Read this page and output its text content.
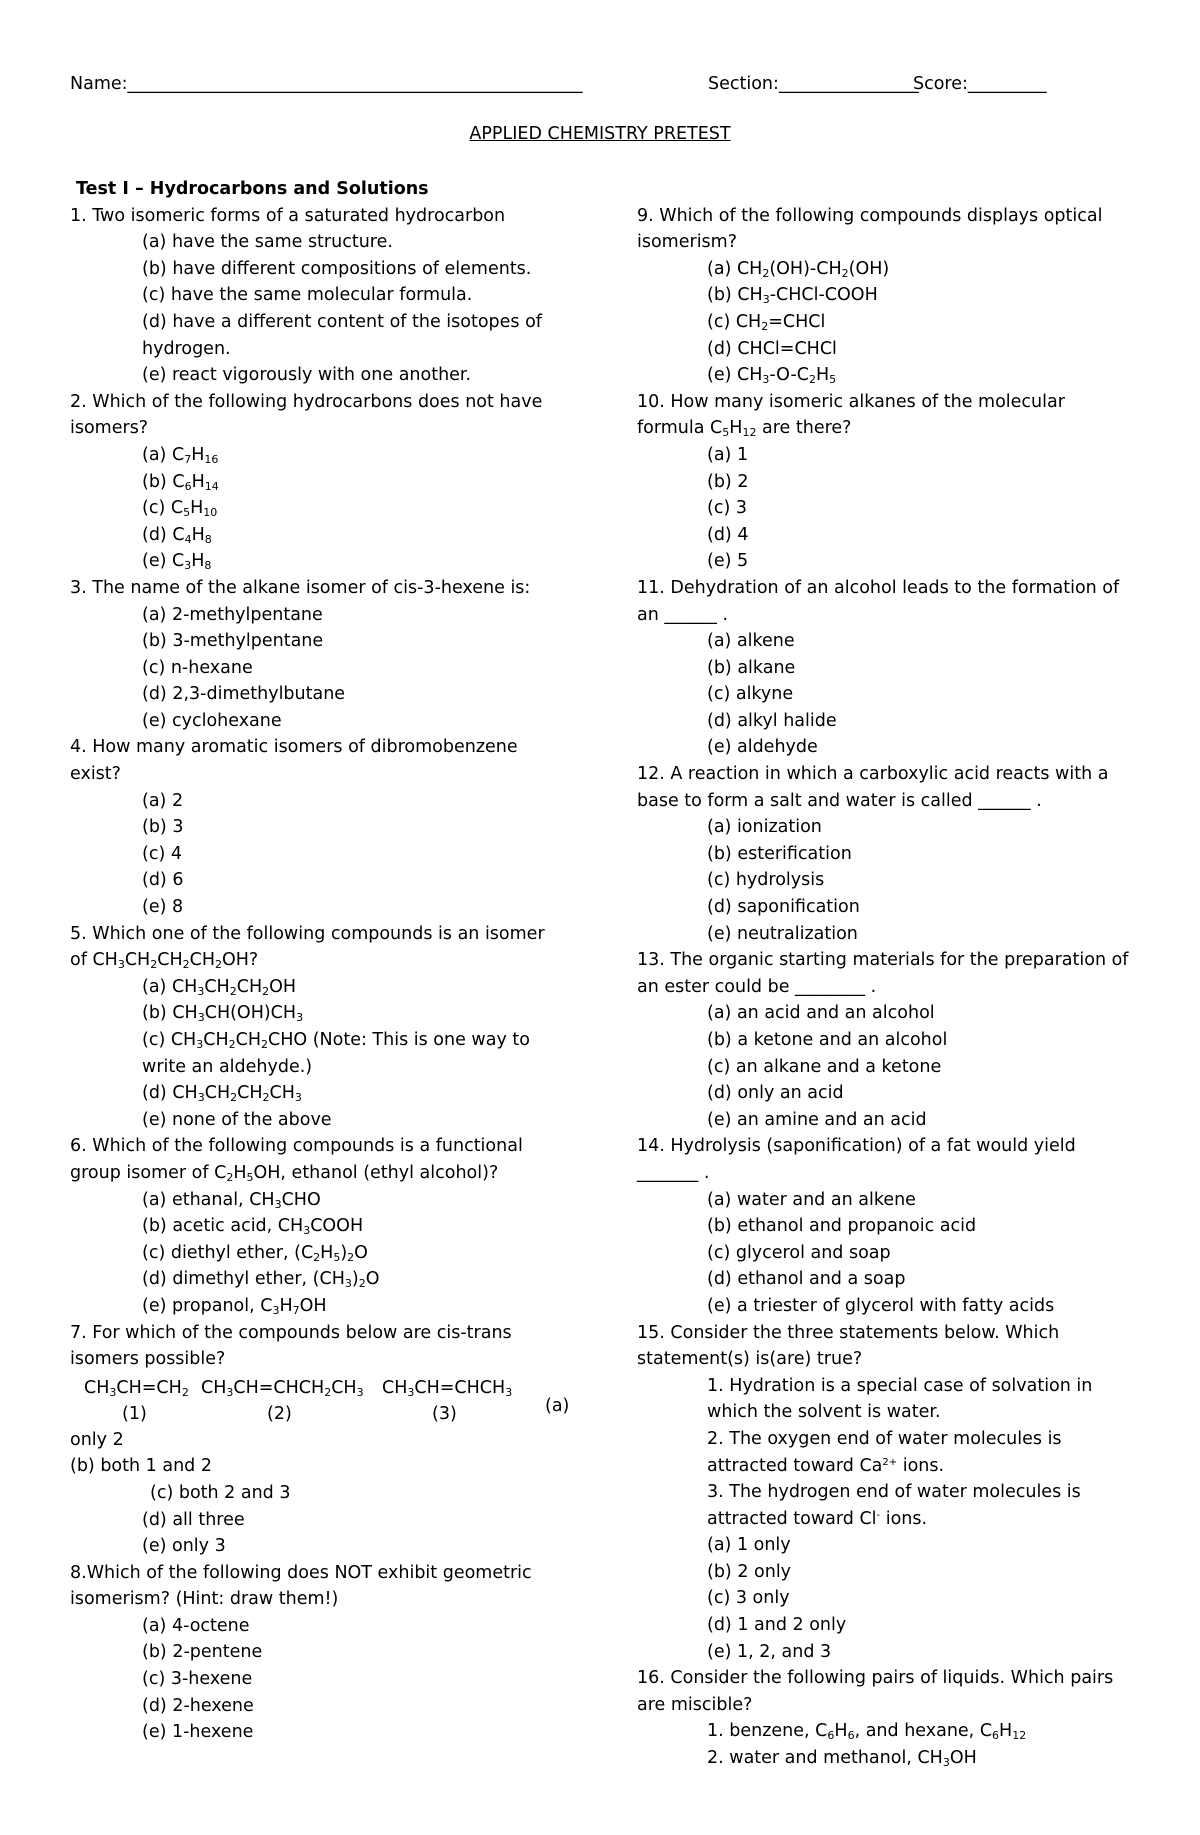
Name:____________________________________________________	Section:________________
Score:_________
APPLIED CHEMISTRY PRETEST
Test I – Hydrocarbons and Solutions
1. Two isomeric forms of a saturated hydrocarbon
(a) have the same structure.
(b) have different compositions of elements.
(c) have the same molecular formula.
(d) have a different content of the isotopes of
hydrogen.
(e) react vigorously with one another.
2. Which of the following hydrocarbons does not have
isomers?
(a) $C_7H_{16}$
(b) $C_6H_{14}$
(c) $C_5H_{10}$
(d) $C_4H_8$
(e) $C_3H_8$
3. The name of the alkane isomer of cis-3-hexene is:
(a) 2-methylpentane
(b) 3-methylpentane
(c) n-hexane
(d) 2,3-dimethylbutane
(e) cyclohexane
4. How many aromatic isomers of dibromobenzene
exist?
(a) 2
(b) 3
(c) 4
(d) 6
(e) 8
5. Which one of the following compounds is an isomer
of $CH_3CH_2CH_2CH_2OH$?
(a) $CH_3CH_2CH_2OH$
(b) $CH_3CH(OH)CH_3$
(c) $CH_3CH_2CH_2CHO$ (Note: This is one way to
write an aldehyde.)
(d) $CH_3CH_2CH_2CH_3$
(e) none of the above
6. Which of the following compounds is a functional
group isomer of $C_2H_5OH$, ethanol (ethyl alcohol)?
(a) ethanal, $CH_3CHO$
(b) acetic acid, $CH_3COOH$
(c) diethyl ether, $(C_2H_5)_2O$
(d) dimethyl ether, $(CH_3)_2O$
(e) propanol, $C_3H_7OH$
7. For which of the compounds below are cis-trans
isomers possible?
$CH_3CH=CH_2$ $CH_3CH=CHCH_2CH_3$ $CH_3CH=CHCH_3$
(1)	(2)	(3)	(a)
only 2
(b) both 1 and 2
(c) both 2 and 3
(d) all three
(e) only 3
8.Which of the following does NOT exhibit geometric
isomerism? (Hint: draw them!)
(a) 4-octene
(b) 2-pentene
(c) 3-hexene
(d) 2-hexene
(e) 1-hexene
9. Which of the following compounds displays optical
isomerism?
(a) $CH_2(OH)-CH_2(OH)$
(b) $CH_3-CHCl$-COOH
(c) $CH_2=CHCl$
(d) CHCl=CHCl
(e) $CH_3-O-C_2H_5$
10. How many isomeric alkanes of the molecular
formula $C_5H_{12}$ are there?
(a) 1
(b) 2
(c) 3
(d) 4
(e) 5
11. Dehydration of an alcohol leads to the formation of
an ______ .
(a) alkene
(b) alkane
(c) alkyne
(d) alkyl halide
(e) aldehyde
12. A reaction in which a carboxylic acid reacts with a
base to form a salt and water is called ______ .
(a) ionization
(b) esterification
(c) hydrolysis
(d) saponification
(e) neutralization
13. The organic starting materials for the preparation of
an ester could be ________ .
(a) an acid and an alcohol
(b) a ketone and an alcohol
(c) an alkane and a ketone
(d) only an acid
(e) an amine and an acid
14. Hydrolysis (saponification) of a fat would yield
_______ .
(a) water and an alkene
(b) ethanol and propanoic acid
(c) glycerol and soap
(d) ethanol and a soap
(e) a triester of glycerol with fatty acids
15. Consider the three statements below. Which
statement(s) is(are) true?
1. Hydration is a special case of solvation in
which the solvent is water.
2. The oxygen end of water molecules is
attracted toward $Ca^{2+}$ ions.
3. The hydrogen end of water molecules is
attracted toward Cl- ions.
(a) 1 only
(b) 2 only
(c) 3 only
(d) 1 and 2 only
(e) 1, 2, and 3
16. Consider the following pairs of liquids. Which pairs
are miscible?
1. benzene, $C_6H_6$, and hexane, $C_6H_{12}$
2. water and methanol, $CH_3OH$
